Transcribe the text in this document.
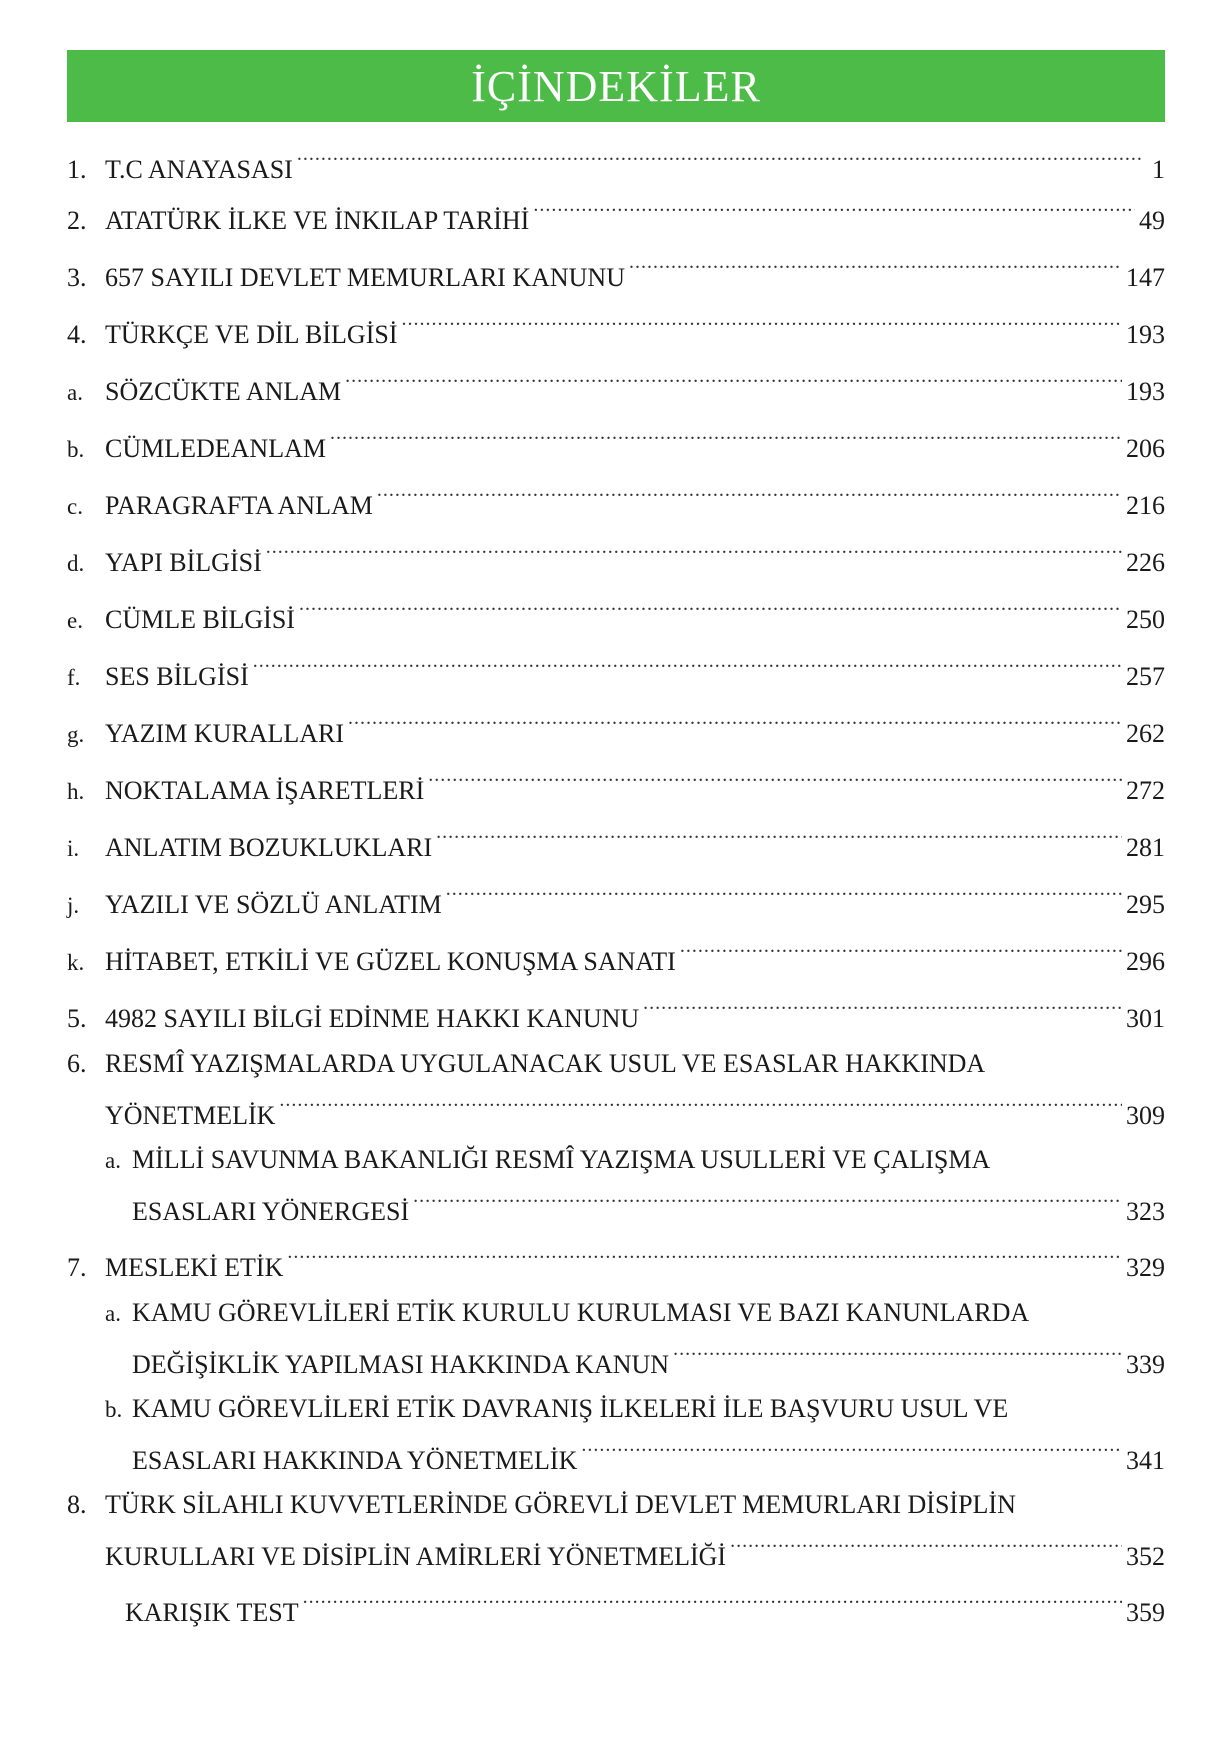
İÇİNDEKİLER
1. T.C ANAYASASI .....	1
2. ATATÜRK İLKE VE İNKILAP TARİHİ .....	49
3. 657 SAYILI DEVLET MEMURLARI KANUNU .....	147
4. TÜRKÇE VE DİL BİLGİSİ .....	193
a. SÖZCÜKTE ANLAM .....	193
b. CÜMLEDEANLAM .....	206
c. PARAGRAFTA ANLAM .....	216
d. YAPI BİLGİSİ .....	226
e. CÜMLE BİLGİSİ .....	250
f. SES BİLGİSİ .....	257
g. YAZIM KURALLARI .....	262
h. NOKTALAMA İŞARETLERİ .....	272
i. ANLATIM BOZUKLUKLARI .....	281
j. YAZILI VE SÖZLÜ ANLATIM .....	295
k. HİTABET, ETKİLİ VE GÜZEL KONUŞMA SANATI .....	296
5. 4982 SAYILI BİLGİ EDİNME HAKKI KANUNU .....	301
6. RESMÎ YAZIŞMALARDA UYGULANACAK USUL VE ESASLAR HAKKINDA
YÖNETMELİK .....	309
a. MİLLİ SAVUNMA BAKANLIĞI RESMÎ YAZIŞMA USULLERİ VE ÇALIŞMA
ESASLARI YÖNERGESİ .....	323
7. MESLEKİ ETİK .....	329
a. KAMU GÖREVLİLERİ ETİK KURULU KURULMASI VE BAZI KANUNLARDA
DEĞİŞİKLİK YAPILMASI HAKKINDA KANUN .....	339
b. KAMU GÖREVLİLERİ ETİK DAVRANIŞ İLKELERİ İLE BAŞVURU USUL VE
ESASLARI HAKKINDA YÖNETMELİK .....	341
8. TÜRK SİLAHLI KUVVETLERİNDE GÖREVLİ DEVLET MEMURLARI DİSİPLİN
KURULLARI VE DİSİPLİN AMİRLERİ YÖNETMELİĞİ .....	352
KARIŞIK TEST .....	359
